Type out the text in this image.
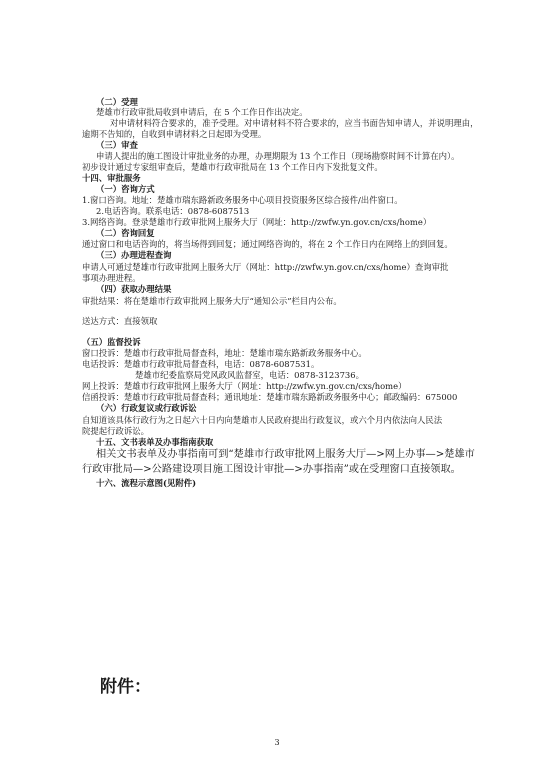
（二）受理
楚雄市行政审批局收到申请后，在 5 个工作日作出决定。
对申请材料符合要求的，准予受理。对申请材料不符合要求的，应当书面告知申请人，并说明理由，
逾期不告知的，自收到申请材料之日起即为受理。
（三）审查
申请人提出的施工图设计审批业务的办理，办理期限为 13 个工作日（现场勘察时间不计算在内）。
初步设计通过专家组审查后，楚雄市行政审批局在 13 个工作日内下发批复文件。
十四、审批服务
（一）咨询方式
1.窗口咨询。地址：楚雄市瑞东路新政务服务中心项目投资服务区综合接件/出件窗口。
2.电话咨询。联系电话：0878-6087513
3.网络咨询。登录楚雄市行政审批网上服务大厅（网址：http://zwfw.yn.gov.cn/cxs/home）
（二）咨询回复
通过窗口和电话咨询的，将当场得到回复；通过网络咨询的，将在 2 个工作日内在网络上的到回复。
（三）办理进程查询
申请人可通过楚雄市行政审批网上服务大厅（网址：http://zwfw.yn.gov.cn/cxs/home）查询审批
事项办理进程。
（四）获取办理结果
审批结果：将在楚雄市行政审批网上服务大厅“通知公示”栏目内公布。
送达方式：直接领取
（五）监督投诉
窗口投诉：楚雄市行政审批局督查科，地址：楚雄市瑞东路新政务服务中心。
电话投诉：楚雄市行政审批局督查科，电话：0878-6087531。
楚雄市纪委监察局党风政风监督室，电话：0878-3123736。
网上投诉：楚雄市行政审批网上服务大厅（网址：http://zwfw.yn.gov.cn/cxs/home）
信函投诉：楚雄市行政审批局督查科；通讯地址：楚雄市瑞东路新政务服务中心；邮政编码：675000
（六）行政复议或行政诉讼
自知道该具体行政行为之日起六十日内向楚雄市人民政府提出行政复议，或六个月内依法向人民法
院提起行政诉讼。
十五、文书表单及办事指南获取
相关文书表单及办事指南可到“楚雄市行政审批网上服务大厅—>网上办事—>楚雄市
行政审批局—>公路建设项目施工图设计审批—>办事指南”或在受理窗口直接领取。
十六、流程示意图(见附件)
附件：
3
